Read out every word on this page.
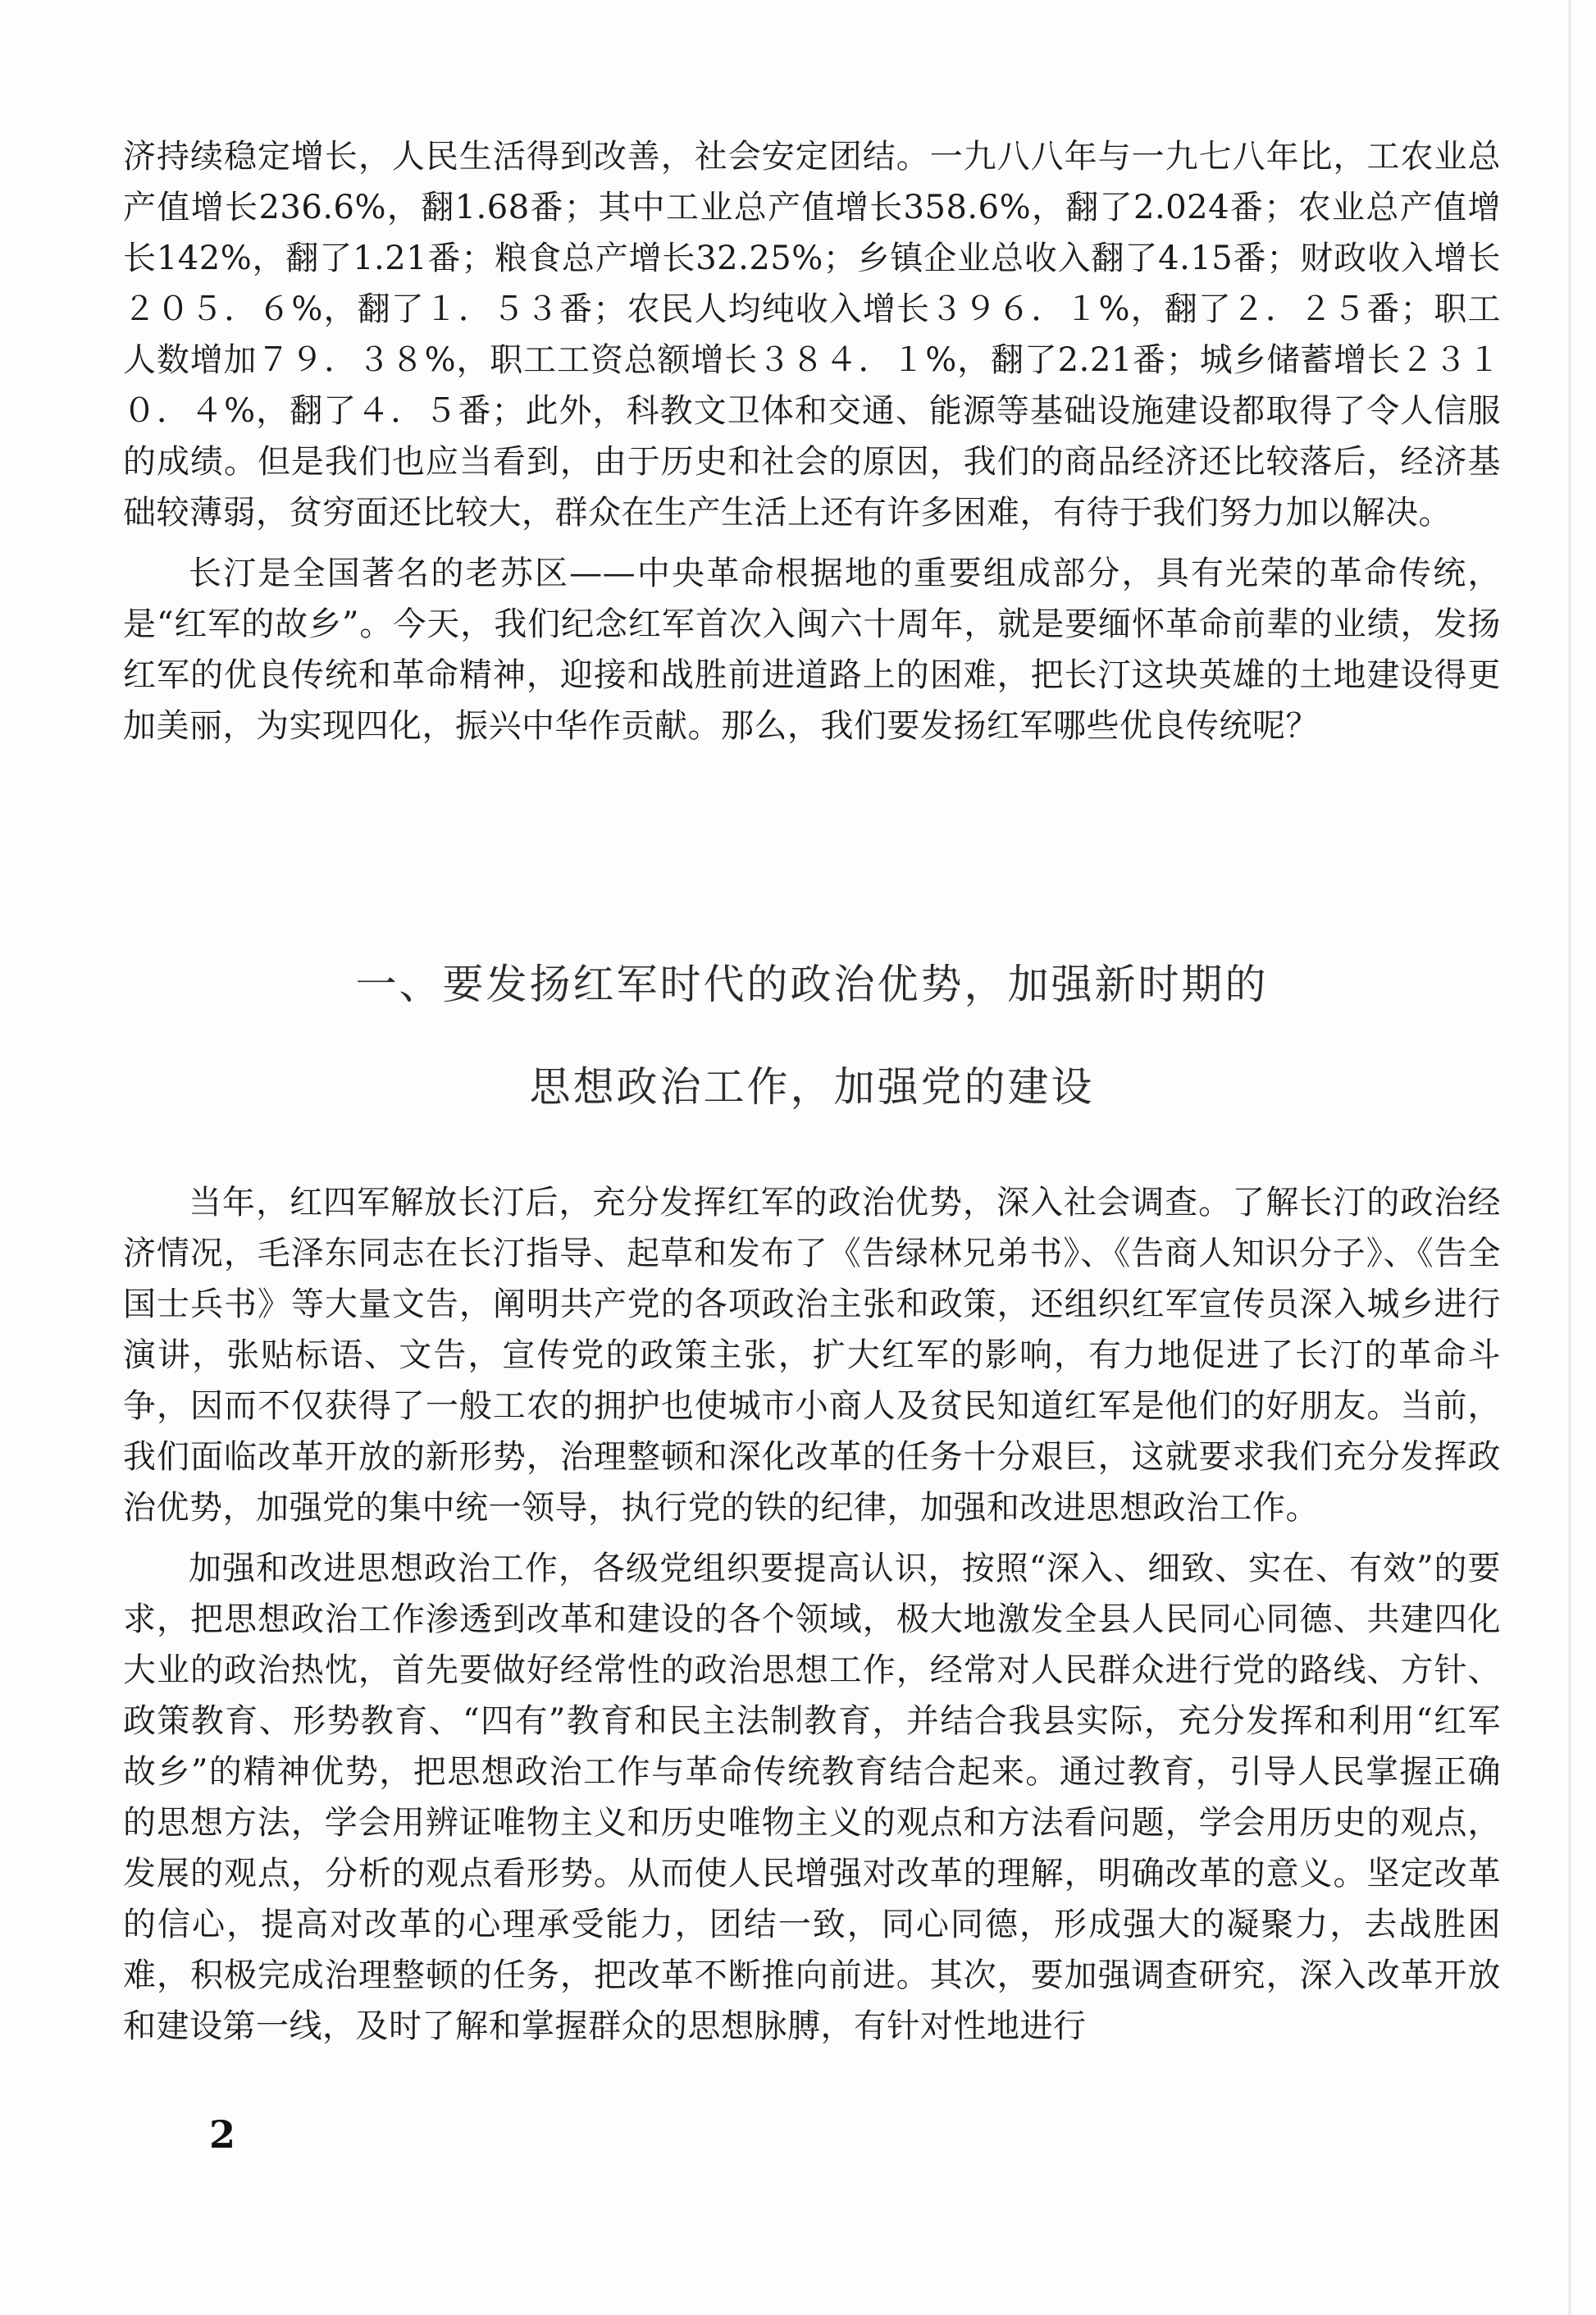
济持续稳定增长，人民生活得到改善，社会安定团结。一九八八年与一九七八年比，工农业总产值增长236.6%，翻1.68番；其中工业总产值增长358.6%，翻了2.024番；农业总产值增长142%，翻了1.21番；粮食总产增长32.25%；乡镇企业总收入翻了4.15番；财政收入增长２０５．６%，翻了１．５３番；农民人均纯收入增长３９６．１%，翻了２．２５番；职工人数增加７９．３８%，职工工资总额增长３８４．１%，翻了2.21番；城乡储蓄增长２３１０．４%，翻了４．５番；此外，科教文卫体和交通、能源等基础设施建设都取得了令人信服的成绩。但是我们也应当看到，由于历史和社会的原因，我们的商品经济还比较落后，经济基础较薄弱，贫穷面还比较大，群众在生产生活上还有许多困难，有待于我们努力加以解决。

长汀是全国著名的老苏区——中央革命根据地的重要组成部分，具有光荣的革命传统，是“红军的故乡”。今天，我们纪念红军首次入闽六十周年，就是要缅怀革命前辈的业绩，发扬红军的优良传统和革命精神，迎接和战胜前进道路上的困难，把长汀这块英雄的土地建设得更加美丽，为实现四化，振兴中华作贡献。那么，我们要发扬红军哪些优良传统呢？

一、要发扬红军时代的政治优势，加强新时期的
思想政治工作，加强党的建设

当年，红四军解放长汀后，充分发挥红军的政治优势，深入社会调查。了解长汀的政治经济情况，毛泽东同志在长汀指导、起草和发布了《告绿林兄弟书》、《告商人知识分子》、《告全国士兵书》等大量文告，阐明共产党的各项政治主张和政策，还组织红军宣传员深入城乡进行演讲，张贴标语、文告，宣传党的政策主张，扩大红军的影响，有力地促进了长汀的革命斗争，因而不仅获得了一般工农的拥护也使城市小商人及贫民知道红军是他们的好朋友。当前，我们面临改革开放的新形势，治理整顿和深化改革的任务十分艰巨，这就要求我们充分发挥政治优势，加强党的集中统一领导，执行党的铁的纪律，加强和改进思想政治工作。

加强和改进思想政治工作，各级党组织要提高认识，按照“深入、细致、实在、有效”的要求，把思想政治工作渗透到改革和建设的各个领域，极大地激发全县人民同心同德、共建四化大业的政治热忱，首先要做好经常性的政治思想工作，经常对人民群众进行党的路线、方针、政策教育、形势教育、“四有”教育和民主法制教育，并结合我县实际，充分发挥和利用“红军故乡”的精神优势，把思想政治工作与革命传统教育结合起来。通过教育，引导人民掌握正确的思想方法，学会用辨证唯物主义和历史唯物主义的观点和方法看问题，学会用历史的观点，发展的观点，分析的观点看形势。从而使人民增强对改革的理解，明确改革的意义。坚定改革的信心，提高对改革的心理承受能力，团结一致，同心同德，形成强大的凝聚力，去战胜困难，积极完成治理整顿的任务，把改革不断推向前进。其次，要加强调查研究，深入改革开放和建设第一线，及时了解和掌握群众的思想脉膊，有针对性地进行

2
